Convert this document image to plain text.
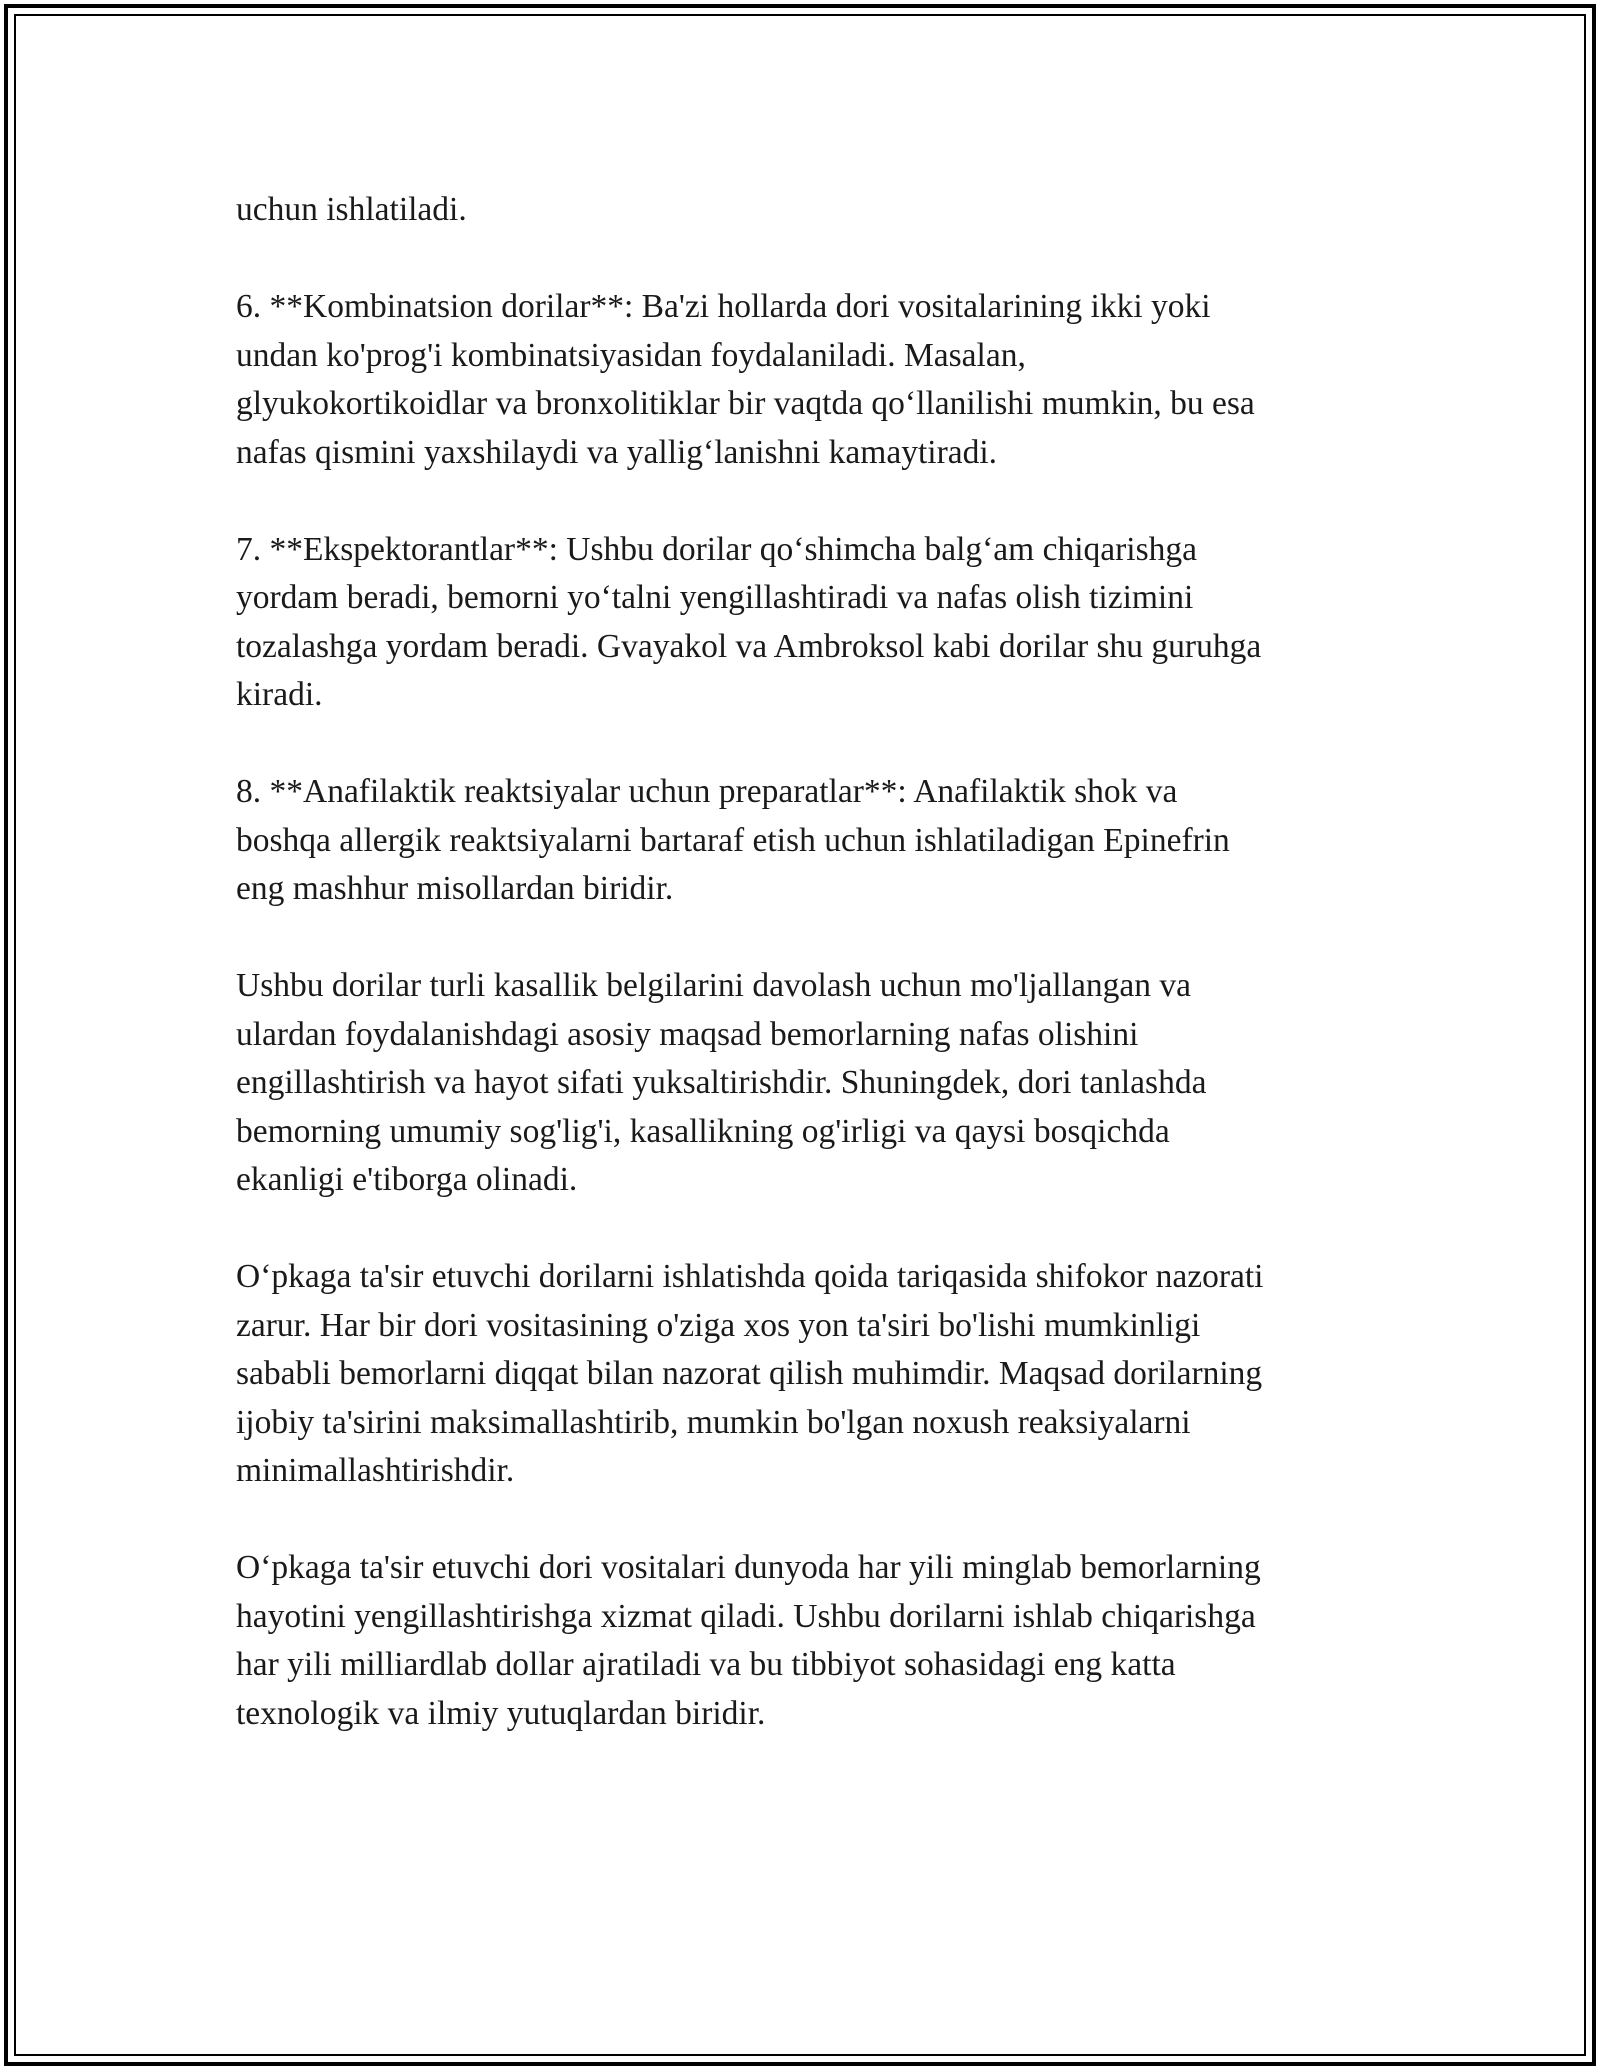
uchun ishlatiladi.

6. **Kombinatsion dorilar**: Ba'zi hollarda dori vositalarining ikki yoki
undan ko'prog'i kombinatsiyasidan foydalaniladi. Masalan,
glyukokortikoidlar va bronxolitiklar bir vaqtda qo‘llanilishi mumkin, bu esa
nafas qismini yaxshilaydi va yallig‘lanishni kamaytiradi.

7. **Ekspektorantlar**: Ushbu dorilar qo‘shimcha balg‘am chiqarishga
yordam beradi, bemorni yo‘talni yengillashtiradi va nafas olish tizimini
tozalashga yordam beradi. Gvayakol va Ambroksol kabi dorilar shu guruhga
kiradi.

8. **Anafilaktik reaktsiyalar uchun preparatlar**: Anafilaktik shok va
boshqa allergik reaktsiyalarni bartaraf etish uchun ishlatiladigan Epinefrin
eng mashhur misollardan biridir.

Ushbu dorilar turli kasallik belgilarini davolash uchun mo'ljallangan va
ulardan foydalanishdagi asosiy maqsad bemorlarning nafas olishini
engillashtirish va hayot sifati yuksaltirishdir. Shuningdek, dori tanlashda
bemorning umumiy sog'lig'i, kasallikning og'irligi va qaysi bosqichda
ekanligi e'tiborga olinadi.

O‘pkaga ta'sir etuvchi dorilarni ishlatishda qoida tariqasida shifokor nazorati
zarur. Har bir dori vositasining o'ziga xos yon ta'siri bo'lishi mumkinligi
sababli bemorlarni diqqat bilan nazorat qilish muhimdir. Maqsad dorilarning
ijobiy ta'sirini maksimallashtirib, mumkin bo'lgan noxush reaksiyalarni
minimallashtirishdir.

O‘pkaga ta'sir etuvchi dori vositalari dunyoda har yili minglab bemorlarning
hayotini yengillashtirishga xizmat qiladi. Ushbu dorilarni ishlab chiqarishga
har yili milliardlab dollar ajratiladi va bu tibbiyot sohasidagi eng katta
texnologik va ilmiy yutuqlardan biridir.
